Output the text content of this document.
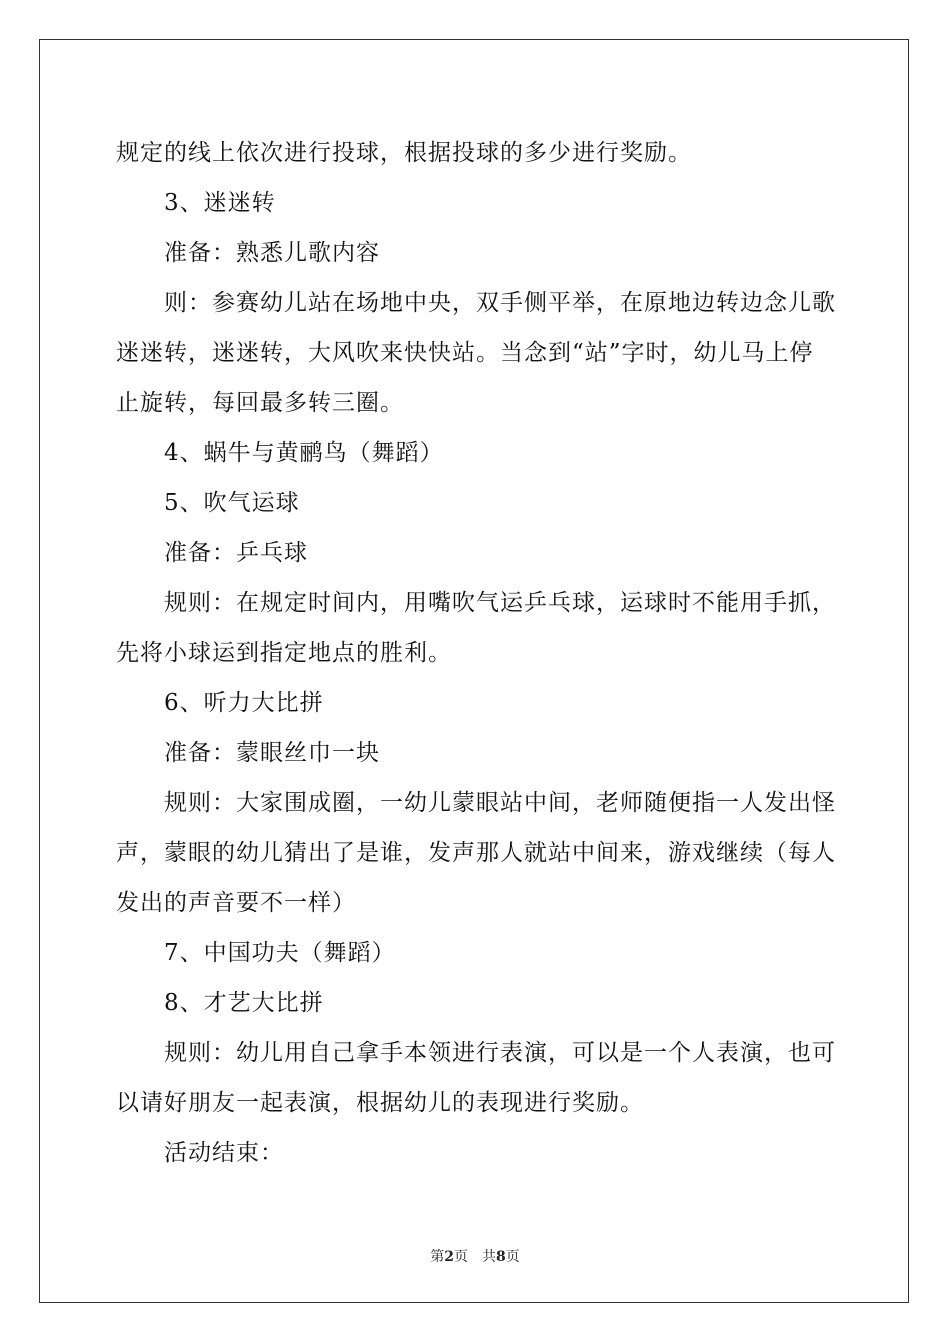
规定的线上依次进行投球，根据投球的多少进行奖励。

3、迷迷转

准备：熟悉儿歌内容

则：参赛幼儿站在场地中央，双手侧平举，在原地边转边念儿歌

迷迷转，迷迷转，大风吹来快快站。当念到“站”字时，幼儿马上停

止旋转，每回最多转三圈。

4、蜗牛与黄鹂鸟（舞蹈）

5、吹气运球

准备：乒乓球

规则：在规定时间内，用嘴吹气运乒乓球，运球时不能用手抓，

先将小球运到指定地点的胜利。

6、听力大比拼

准备：蒙眼丝巾一块

规则：大家围成圈，一幼儿蒙眼站中间，老师随便指一人发出怪

声，蒙眼的幼儿猜出了是谁，发声那人就站中间来，游戏继续（每人

发出的声音要不一样）

7、中国功夫（舞蹈）

8、才艺大比拼

规则：幼儿用自己拿手本领进行表演，可以是一个人表演，也可

以请好朋友一起表演，根据幼儿的表现进行奖励。

活动结束：

第2页 共8页
